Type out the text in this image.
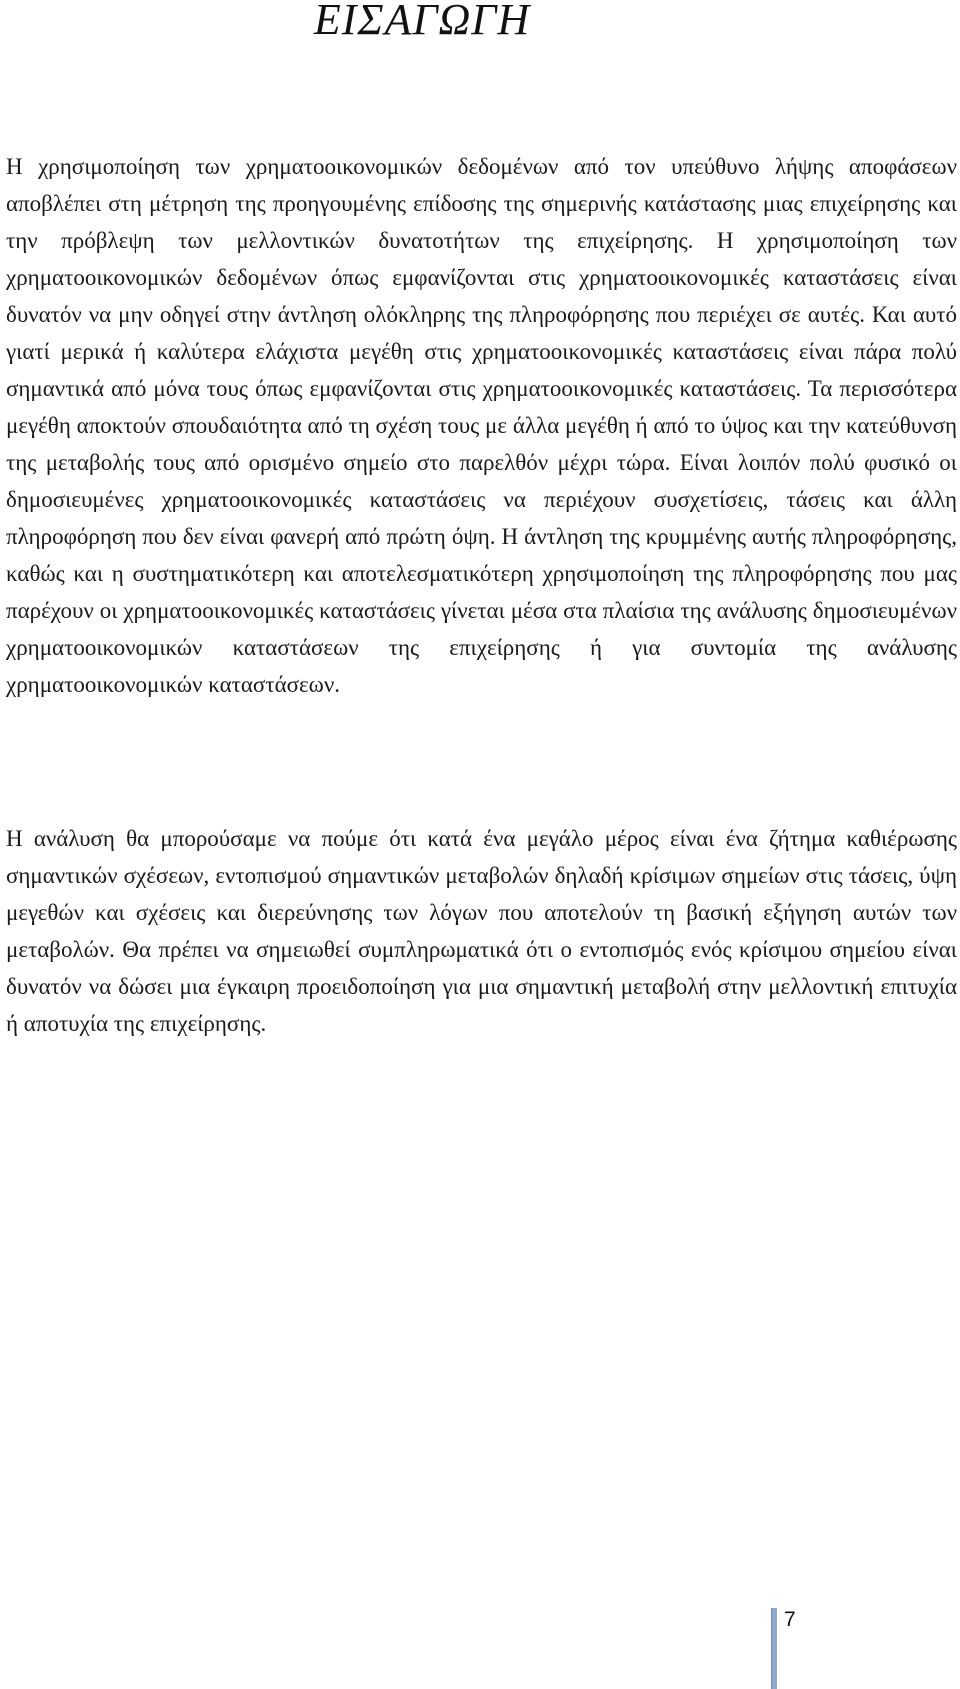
ΕΙΣΑΓΩΓΗ

Η χρησιμοποίηση των χρηματοοικονομικών δεδομένων από τον υπεύθυνο λήψης αποφάσεων αποβλέπει στη μέτρηση της προηγουμένης επίδοσης της σημερινής κατάστασης μιας επιχείρησης και την πρόβλεψη των μελλοντικών δυνατοτήτων της επιχείρησης. Η χρησιμοποίηση των χρηματοοικονομικών δεδομένων όπως εμφανίζονται στις χρηματοοικονομικές καταστάσεις είναι δυνατόν να μην οδηγεί στην άντληση ολόκληρης της πληροφόρησης που περιέχει σε αυτές. Και αυτό γιατί μερικά ή καλύτερα ελάχιστα μεγέθη στις χρηματοοικονομικές καταστάσεις είναι πάρα πολύ σημαντικά από μόνα τους όπως εμφανίζονται στις χρηματοοικονομικές καταστάσεις. Τα περισσότερα μεγέθη αποκτούν σπουδαιότητα από τη σχέση τους με άλλα μεγέθη ή από το ύψος και την κατεύθυνση της μεταβολής τους από ορισμένο σημείο στο παρελθόν μέχρι τώρα. Είναι λοιπόν πολύ φυσικό οι δημοσιευμένες χρηματοοικονομικές καταστάσεις να περιέχουν συσχετίσεις, τάσεις και άλλη πληροφόρηση που δεν είναι φανερή από πρώτη όψη. Η άντληση της κρυμμένης αυτής πληροφόρησης, καθώς και η συστηματικότερη και αποτελεσματικότερη χρησιμοποίηση της πληροφόρησης που μας παρέχουν οι χρηματοοικονομικές καταστάσεις γίνεται μέσα στα πλαίσια της ανάλυσης δημοσιευμένων χρηματοοικονομικών καταστάσεων της επιχείρησης ή για συντομία της ανάλυσης χρηματοοικονομικών καταστάσεων.

Η ανάλυση θα μπορούσαμε να πούμε ότι κατά ένα μεγάλο μέρος είναι ένα ζήτημα καθιέρωσης σημαντικών σχέσεων, εντοπισμού σημαντικών μεταβολών δηλαδή κρίσιμων σημείων στις τάσεις, ύψη μεγεθών και σχέσεις και διερεύνησης των λόγων που αποτελούν τη βασική εξήγηση αυτών των μεταβολών. Θα πρέπει να σημειωθεί συμπληρωματικά ότι ο εντοπισμός ενός κρίσιμου σημείου είναι δυνατόν να δώσει μια έγκαιρη προειδοποίηση για μια σημαντική μεταβολή στην μελλοντική επιτυχία ή αποτυχία της επιχείρησης.

7
